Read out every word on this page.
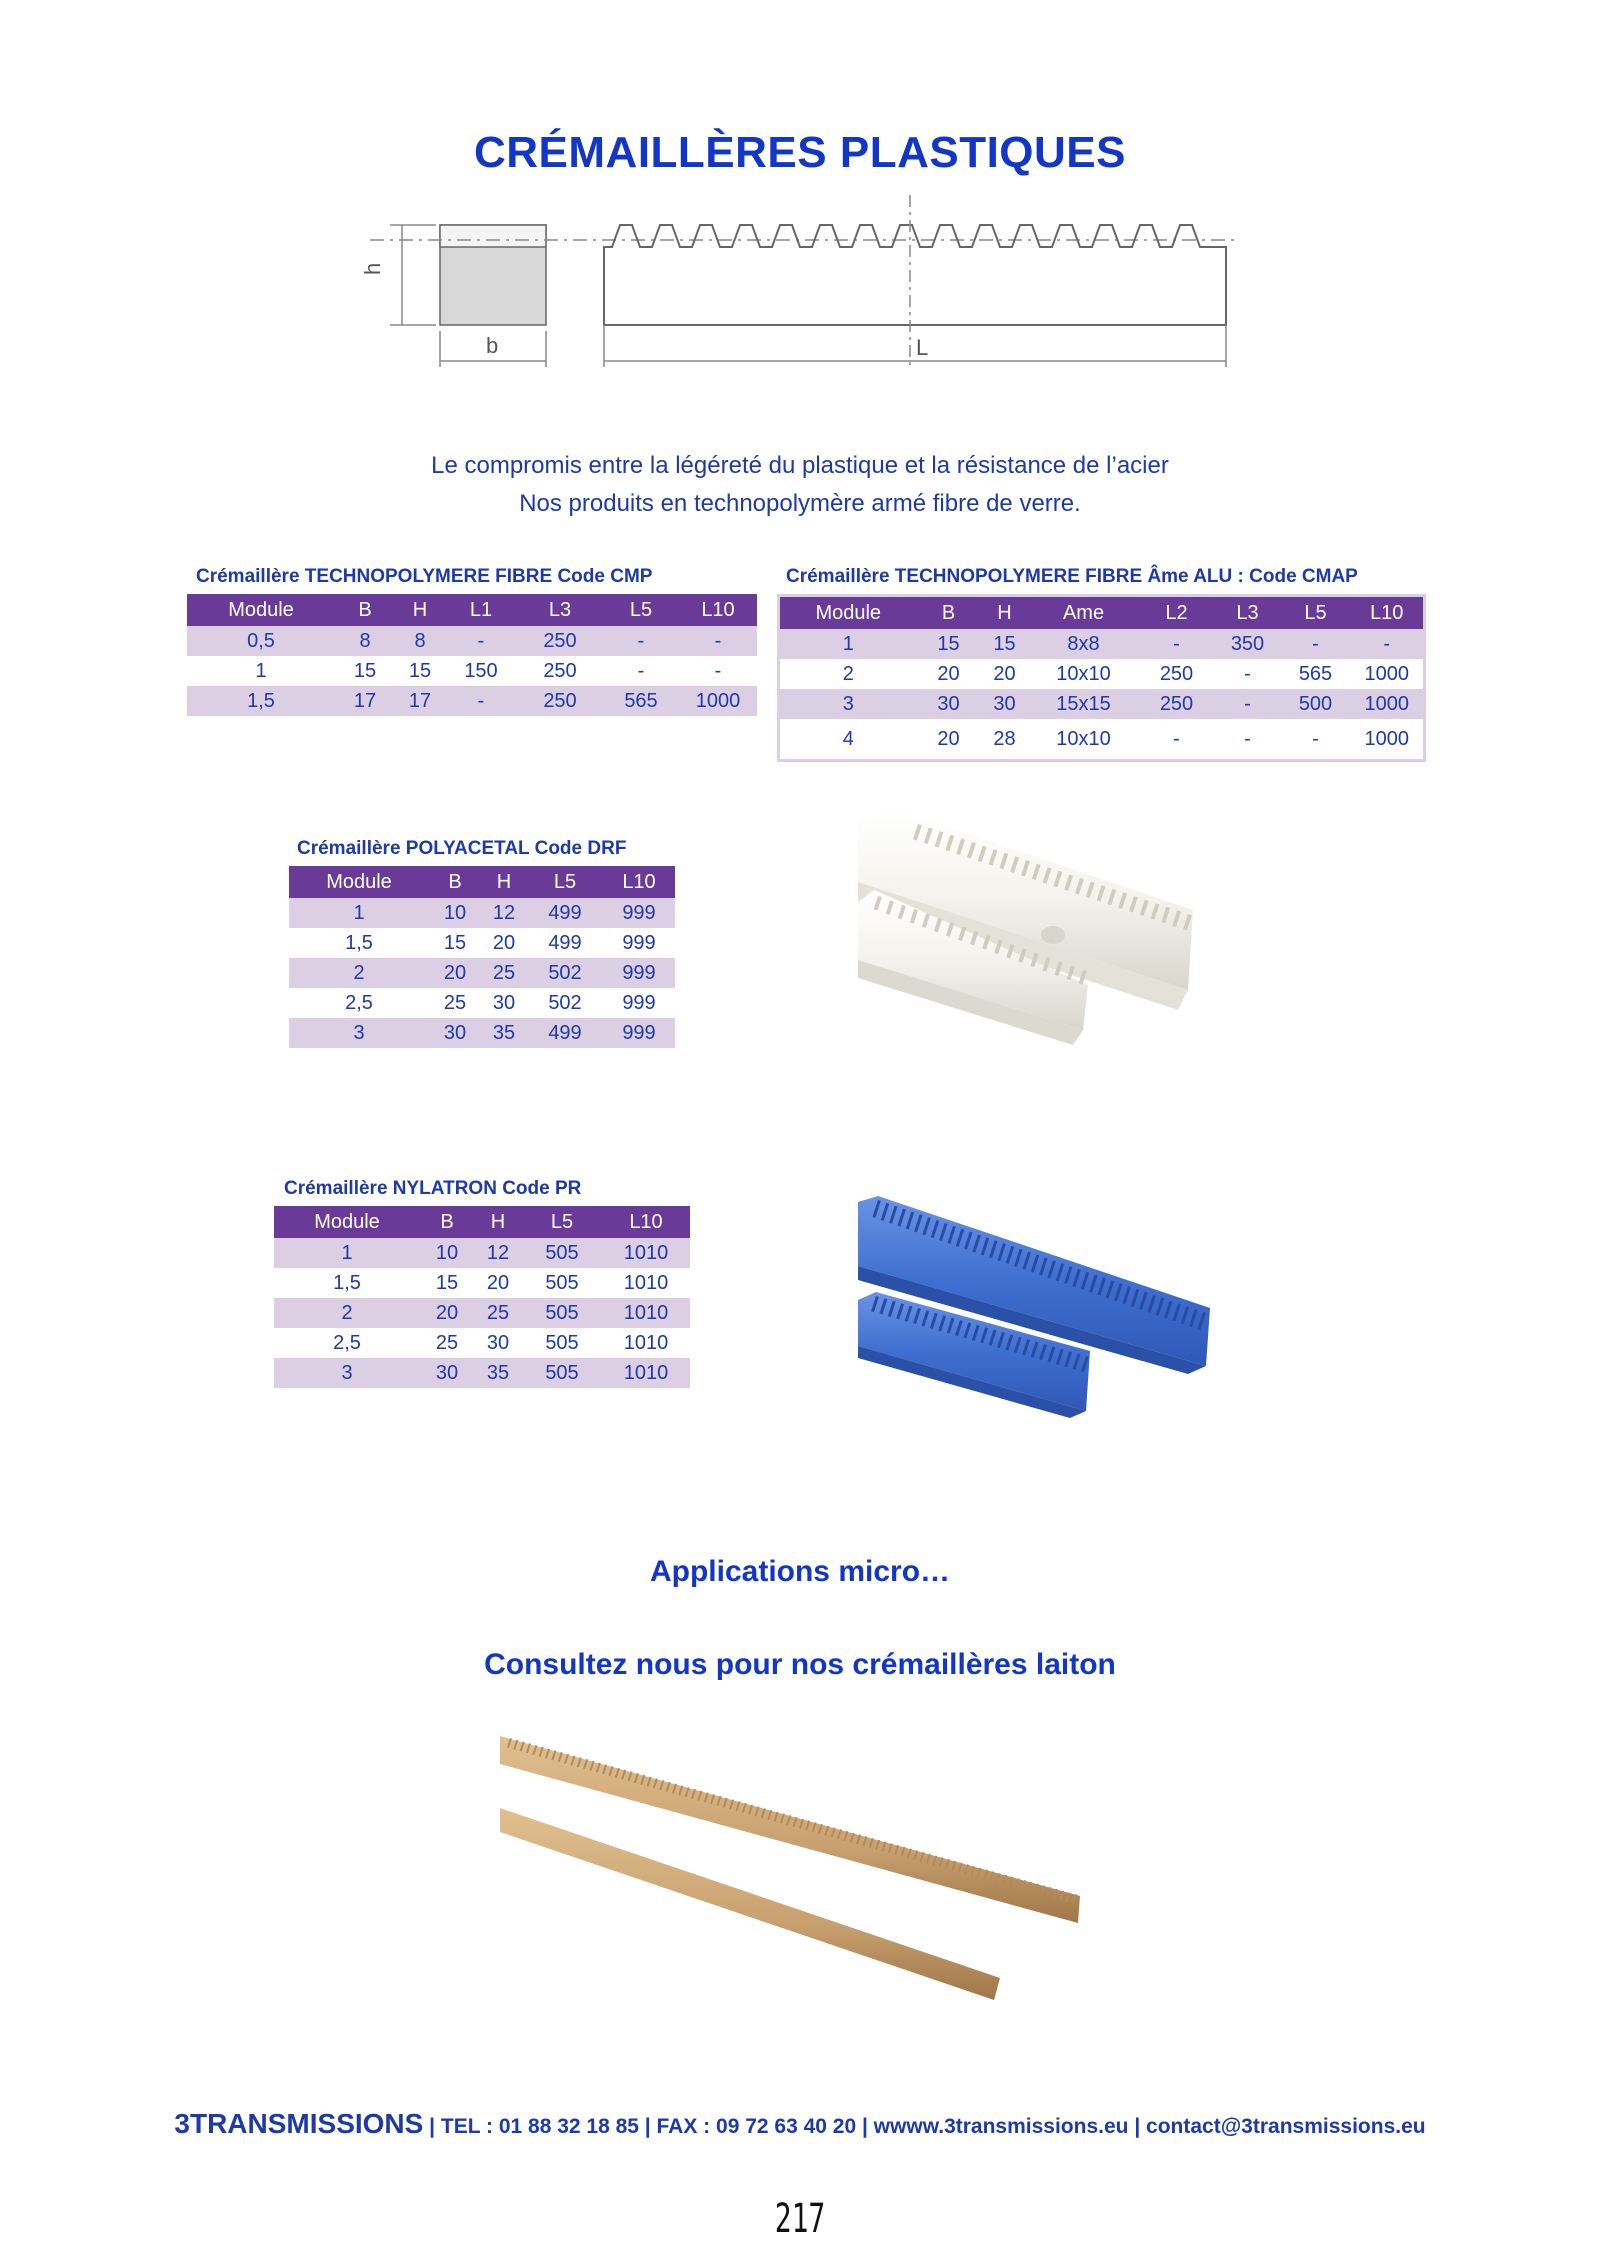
CRÉMAILLÈRES PLASTIQUES
h
b	L
Le compromis entre la légéreté du plastique et la résistance de l’acier
Nos produits en technopolymère armé fibre de verre.
Crémaillère TECHNOPOLYMERE FIBRE Code CMP
Module	B	H	L1	L3	L5	L10
0,5	8	8	-	250	-	-
1	15	15	150	250	-	-
1,5	17	17	-	250	565	1000
Crémaillère TECHNOPOLYMERE FIBRE Âme ALU : Code CMAP
Module	B	H	Ame	L2	L3	L5	L10
1	15	15	8x8	-	350	-	-
2	20	20	10x10	250	-	565	1000
3	30	30	15x15	250	-	500	1000
4	20	28	10x10	-	-	-	1000
Crémaillère POLYACETAL Code DRF
Module	B	H	L5	L10
1	10	12	499	999
1,5	15	20	499	999
2	20	25	502	999
2,5	25	30	502	999
3	30	35	499	999
Crémaillère NYLATRON Code PR
Module	B	H	L5	L10
1	10	12	505	1010
1,5	15	20	505	1010
2	20	25	505	1010
2,5	25	30	505	1010
3	30	35	505	1010
Applications micro…
Consultez nous pour nos crémaillères laiton
3TRANSMISSIONS | TEL : 01 88 32 18 85 | FAX : 09 72 63 40 20 | wwww.3transmissions.eu | contact@3transmissions.eu
217
